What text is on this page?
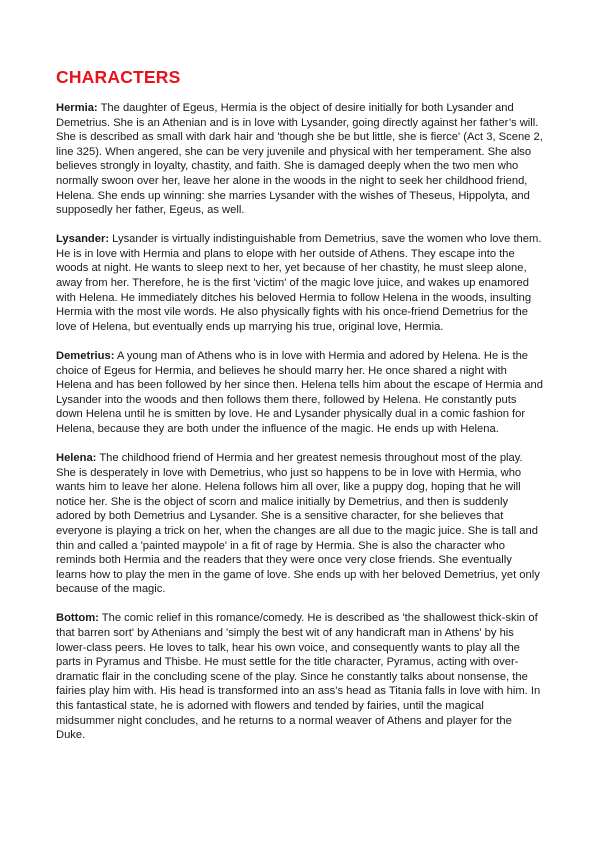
CHARACTERS

Hermia: The daughter of Egeus, Hermia is the object of desire initially for both Lysander and Demetrius. She is an Athenian and is in love with Lysander, going directly against her father’s will. She is described as small with dark hair and 'though she be but little, she is fierce' (Act 3, Scene 2, line 325). When angered, she can be very juvenile and physical with her temperament. She also believes strongly in loyalty, chastity, and faith. She is damaged deeply when the two men who normally swoon over her, leave her alone in the woods in the night to seek her childhood friend, Helena. She ends up winning: she marries Lysander with the wishes of Theseus, Hippolyta, and supposedly her father, Egeus, as well.

Lysander: Lysander is virtually indistinguishable from Demetrius, save the women who love them. He is in love with Hermia and plans to elope with her outside of Athens. They escape into the woods at night. He wants to sleep next to her, yet because of her chastity, he must sleep alone, away from her. Therefore, he is the first 'victim' of the magic love juice, and wakes up enamored with Helena. He immediately ditches his beloved Hermia to follow Helena in the woods, insulting Hermia with the most vile words. He also physically fights with his once-friend Demetrius for the love of Helena, but eventually ends up marrying his true, original love, Hermia.

Demetrius: A young man of Athens who is in love with Hermia and adored by Helena. He is the choice of Egeus for Hermia, and believes he should marry her. He once shared a night with Helena and has been followed by her since then. Helena tells him about the escape of Hermia and Lysander into the woods and then follows them there, followed by Helena. He constantly puts down Helena until he is smitten by love. He and Lysander physically dual in a comic fashion for Helena, because they are both under the influence of the magic. He ends up with Helena.

Helena: The childhood friend of Hermia and her greatest nemesis throughout most of the play. She is desperately in love with Demetrius, who just so happens to be in love with Hermia, who wants him to leave her alone. Helena follows him all over, like a puppy dog, hoping that he will notice her. She is the object of scorn and malice initially by Demetrius, and then is suddenly adored by both Demetrius and Lysander. She is a sensitive character, for she believes that everyone is playing a trick on her, when the changes are all due to the magic juice. She is tall and thin and called a 'painted maypole' in a fit of rage by Hermia. She is also the character who reminds both Hermia and the readers that they were once very close friends. She eventually learns how to play the men in the game of love. She ends up with her beloved Demetrius, yet only because of the magic.

Bottom: The comic relief in this romance/comedy. He is described as 'the shallowest thick-skin of that barren sort' by Athenians and 'simply the best wit of any handicraft man in Athens' by his lower-class peers. He loves to talk, hear his own voice, and consequently wants to play all the parts in Pyramus and Thisbe. He must settle for the title character, Pyramus, acting with over-dramatic flair in the concluding scene of the play. Since he constantly talks about nonsense, the fairies play him with. His head is transformed into an ass’s head as Titania falls in love with him. In this fantastical state, he is adorned with flowers and tended by fairies, until the magical midsummer night concludes, and he returns to a normal weaver of Athens and player for the Duke.
